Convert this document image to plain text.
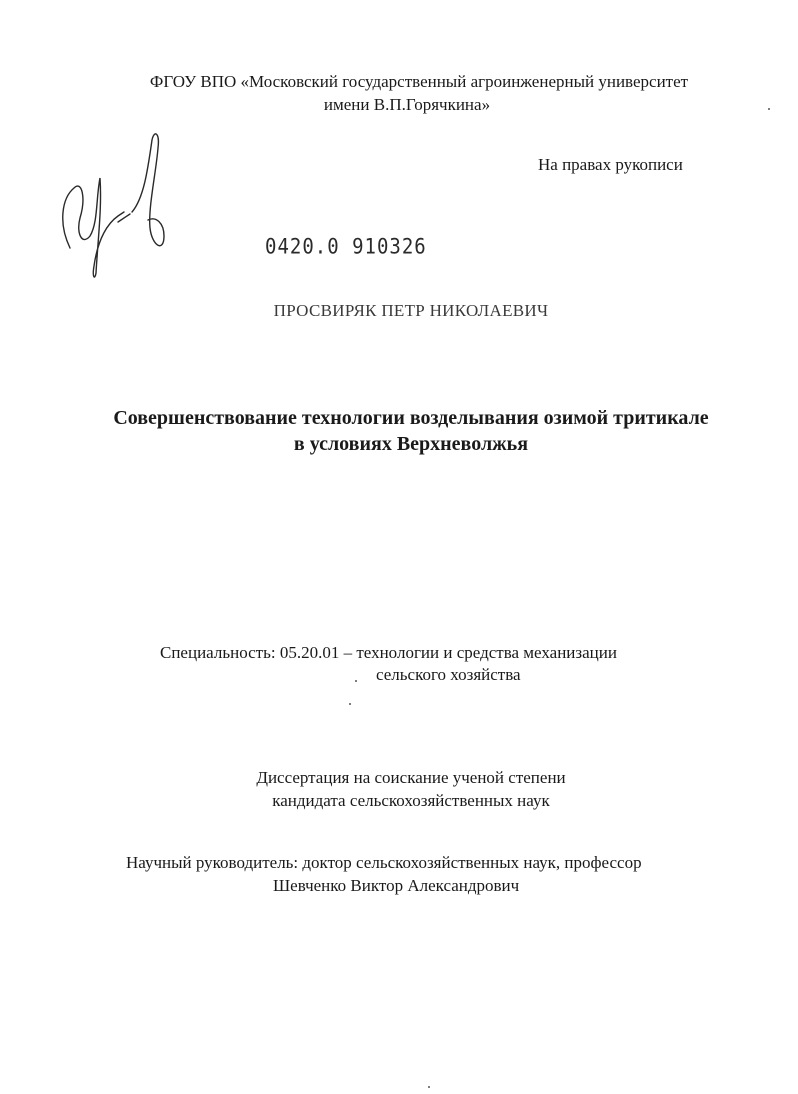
ФГОУ ВПО «Московский государственный агроинженерный университет
имени В.П.Горячкина»
На правах рукописи
0420.0 910326
ПРОСВИРЯК ПЕТР НИКОЛАЕВИЧ
Совершенствование технологии возделывания озимой тритикале
в условиях Верхневолжья
Специальность: 05.20.01 – технологии и средства механизации
сельского хозяйства
Диссертация на соискание ученой степени
кандидата сельскохозяйственных наук
Научный руководитель: доктор сельскохозяйственных наук, профессор
Шевченко Виктор Александрович
